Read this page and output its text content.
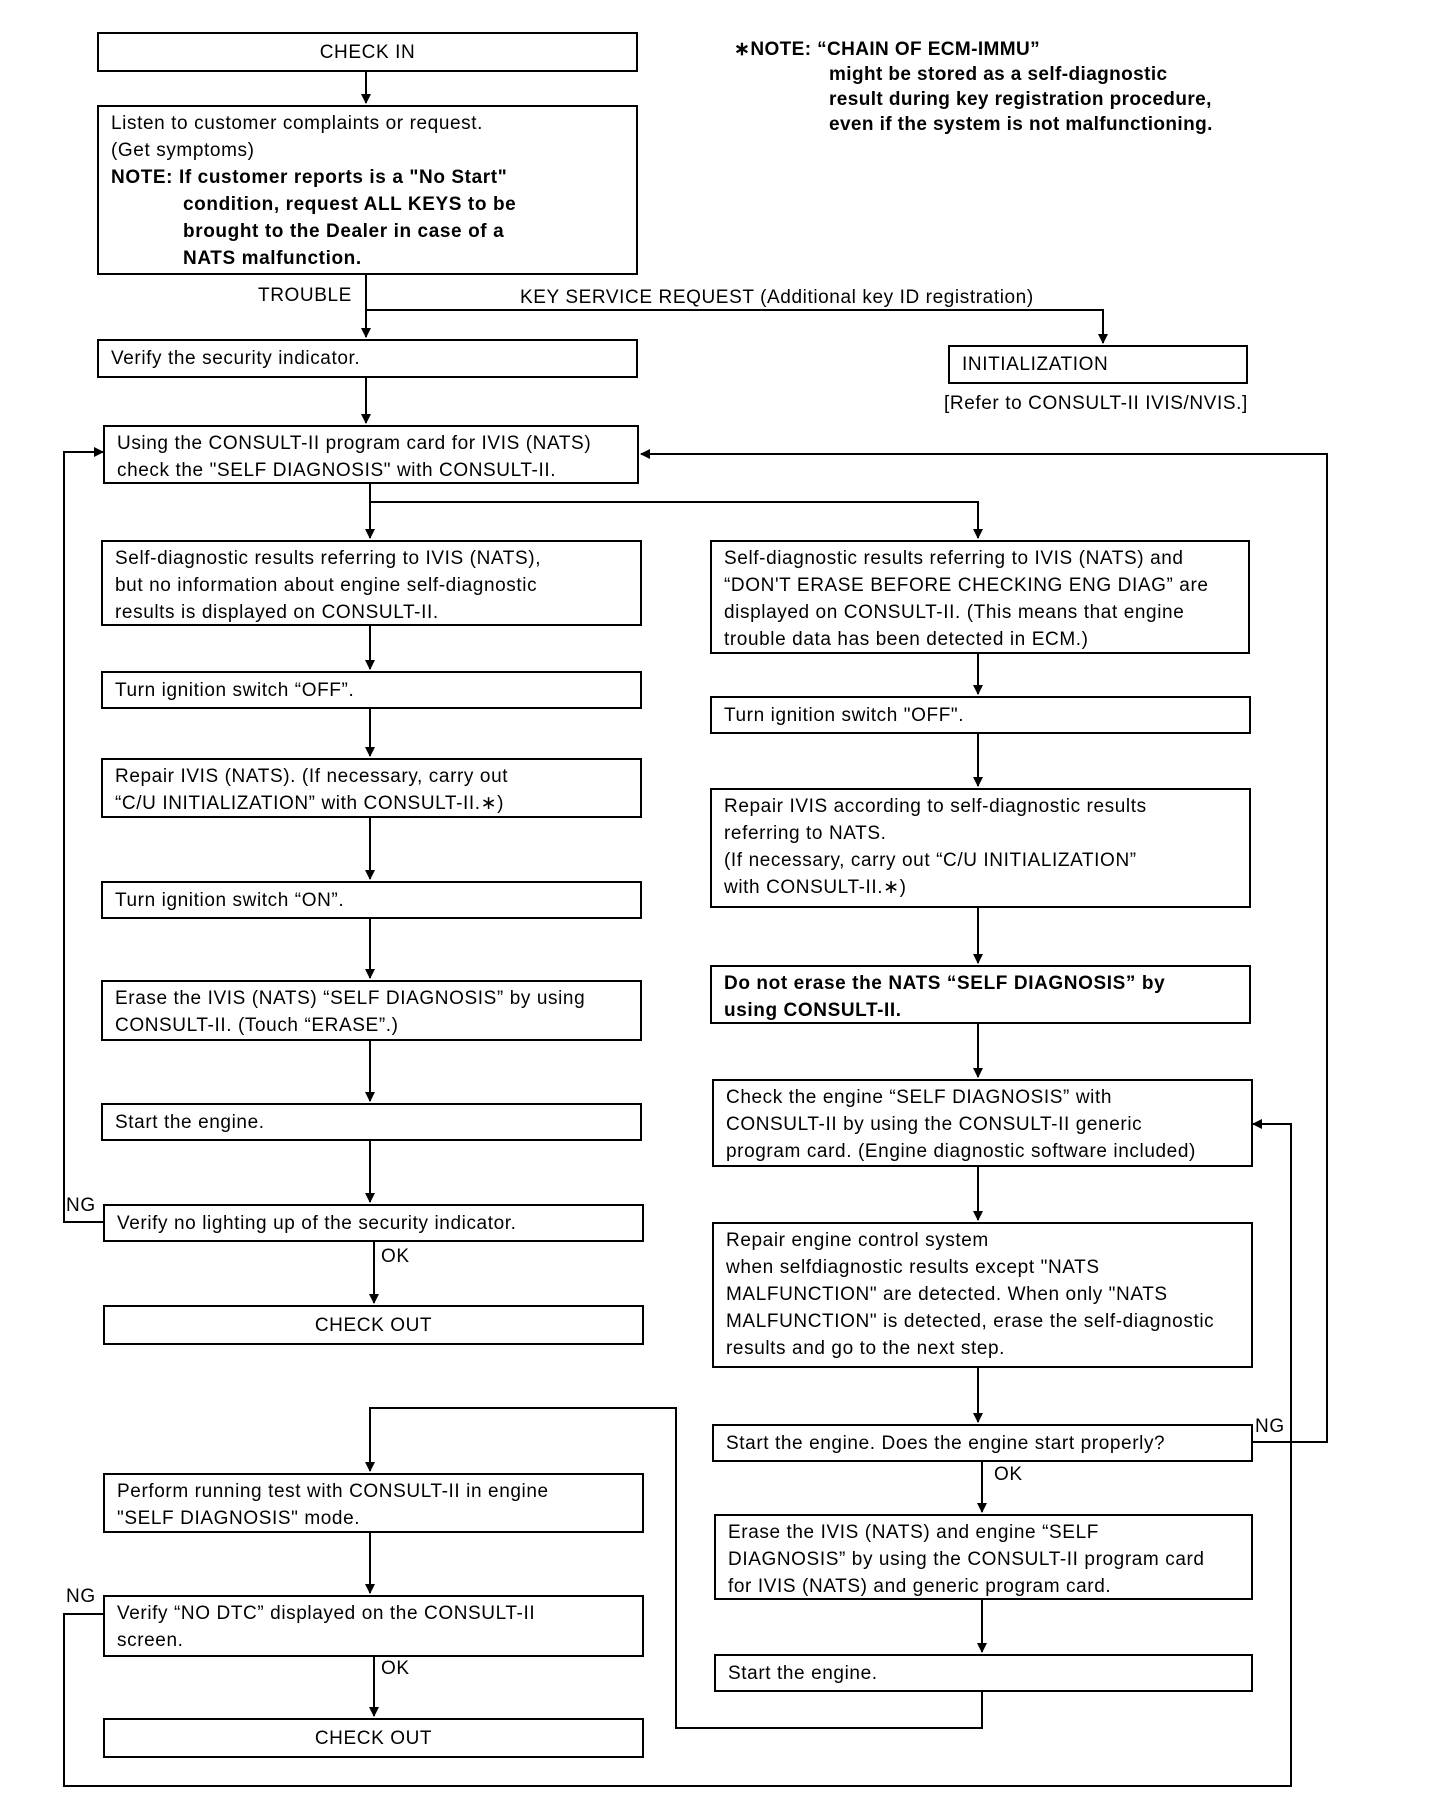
∗NOTE: “CHAIN OF ECM-IMMU”
might be stored as a self-diagnostic
result during key registration procedure,
even if the system is not malfunctioning.
CHECK IN
Listen to customer complaints or request.
(Get symptoms)
NOTE: If customer reports is a "No Start"
condition, request ALL KEYS to be
brought to the Dealer in case of a
NATS malfunction.
TROUBLE	KEY SERVICE REQUEST (Additional key ID registration)
Verify the security indicator.	INITIALIZATION
[Refer to CONSULT-II IVIS/NVIS.]
Using the CONSULT-II program card for IVIS (NATS)
check the "SELF DIAGNOSIS" with CONSULT-II.
Self-diagnostic results referring to IVIS (NATS),
but no information about engine self-diagnostic
results is displayed on CONSULT-II.
Turn ignition switch “OFF”.
Repair IVIS (NATS). (If necessary, carry out
“C/U INITIALIZATION” with CONSULT-II.∗)
Turn ignition switch “ON”.
Erase the IVIS (NATS) “SELF DIAGNOSIS” by using
CONSULT-II. (Touch “ERASE”.)
Start the engine.
NG
Verify no lighting up of the security indicator.
OK
CHECK OUT
Perform running test with CONSULT-II in engine
"SELF DIAGNOSIS" mode.
NG
Verify “NO DTC” displayed on the CONSULT-II
screen.
OK
CHECK OUT
Self-diagnostic results referring to IVIS (NATS) and
“DON'T ERASE BEFORE CHECKING ENG DIAG” are
displayed on CONSULT-II. (This means that engine
trouble data has been detected in ECM.)
Turn ignition switch "OFF".
Repair IVIS according to self-diagnostic results
referring to NATS.
(If necessary, carry out “C/U INITIALIZATION”
with CONSULT-II.∗)
Do not erase the NATS “SELF DIAGNOSIS” by
using CONSULT-II.
Check the engine “SELF DIAGNOSIS” with
CONSULT-II by using the CONSULT-II generic
program card. (Engine diagnostic software included)
Repair engine control system
when selfdiagnostic results except "NATS
MALFUNCTION" are detected. When only "NATS
MALFUNCTION" is detected, erase the self-diagnostic
results and go to the next step.
Start the engine. Does the engine start properly?
NG
OK
Erase the IVIS (NATS) and engine “SELF
DIAGNOSIS” by using the CONSULT-II program card
for IVIS (NATS) and generic program card.
Start the engine.
